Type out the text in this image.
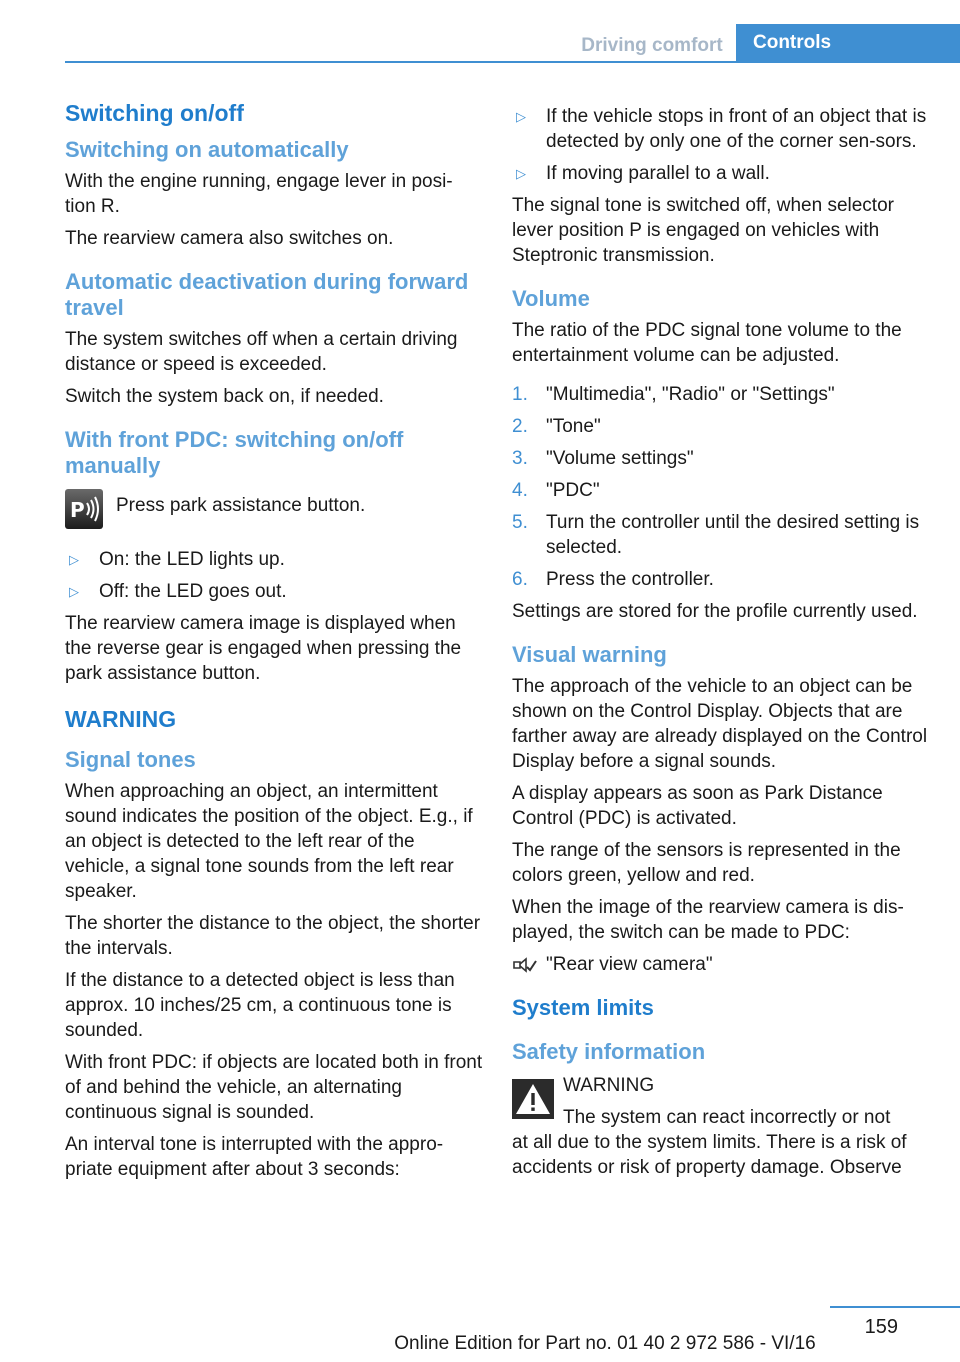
Driving comfort	Controls
Switching on/off
Switching on automatically

With the engine running, engage lever in posi-tion R.

The rearview camera also switches on.

Automatic deactivation during forward travel

The system switches off when a certain driving distance or speed is exceeded.

Switch the system back on, if needed.

With front PDC: switching on/off manually
P Press park assistance button.
▷ On: the LED lights up.
▷ Off: the LED goes out.

The rearview camera image is displayed when the reverse gear is engaged when pressing the park assistance button.

WARNING
Signal tones

When approaching an object, an intermittent sound indicates the position of the object. E.g., if an object is detected to the left rear of the vehicle, a signal tone sounds from the left rear speaker.

The shorter the distance to the object, the shorter the intervals.

If the distance to a detected object is less than approx. 10 inches/25 cm, a continuous tone is sounded.

With front PDC: if objects are located both in front of and behind the vehicle, an alternating continuous signal is sounded.

An interval tone is interrupted with the appro-priate equipment after about 3 seconds:

▷ If the vehicle stops in front of an object that is detected by only one of the corner sen-sors.
▷ If moving parallel to a wall.

The signal tone is switched off, when selector lever position P is engaged on vehicles with Steptronic transmission.

Volume

The ratio of the PDC signal tone volume to the entertainment volume can be adjusted.

1. "Multimedia", "Radio" or "Settings"
2. "Tone"
3. "Volume settings"
4. "PDC"
5. Turn the controller until the desired setting is selected.
6. Press the controller.

Settings are stored for the profile currently used.

Visual warning

The approach of the vehicle to an object can be shown on the Control Display. Objects that are farther away are already displayed on the Control Display before a signal sounds.

A display appears as soon as Park Distance Control (PDC) is activated.

The range of the sensors is represented in the colors green, yellow and red.

When the image of the rearview camera is dis-played, the switch can be made to PDC:

"Rear view camera"
System limits
Safety information
WARNING
The system can react incorrectly or not
at all due to the system limits. There is a risk of accidents or risk of property damage. Observe
159
Online Edition for Part no. 01 40 2 972 586 - VI/16
